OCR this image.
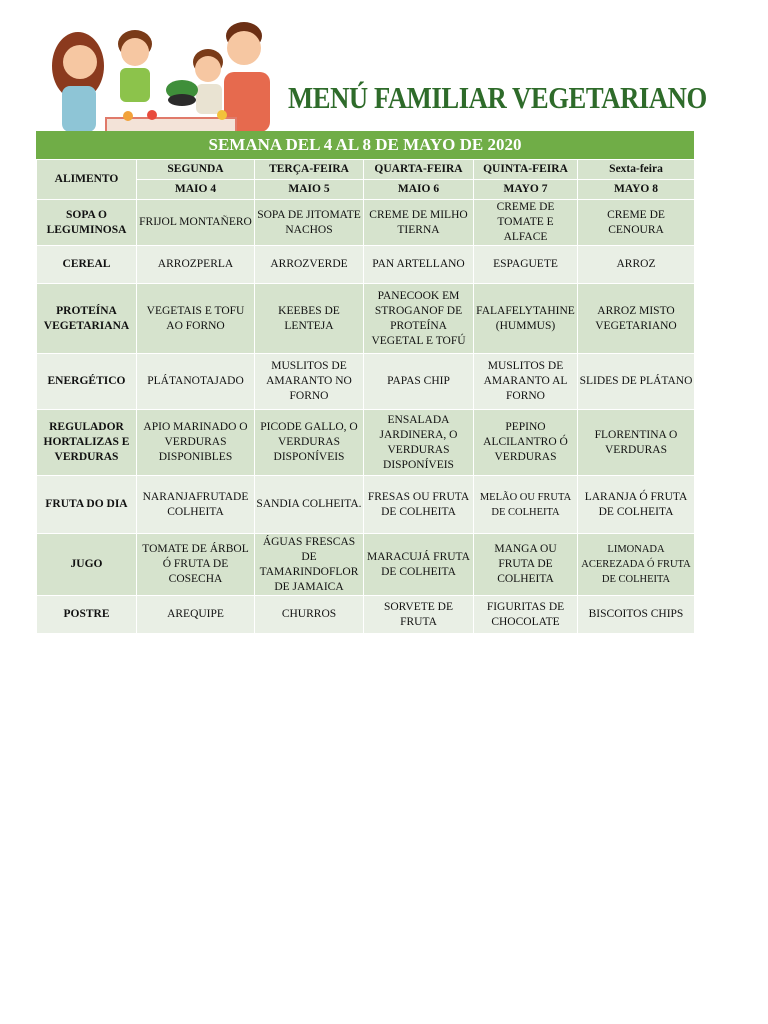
MENÚ FAMILIAR VEGETARIANO
SEMANA DEL 4 AL 8 DE MAYO DE 2020
ALIMENTO	SEGUNDA	TERÇA-FEIRA	QUARTA-FEIRA	QUINTA-FEIRA	Sexta-feira
	MAIO 4	MAIO 5	MAIO 6	MAYO 7	MAYO 8
SOPA O LEGUMINOSA	FRIJOL MONTAÑERO	SOPA DE JITOMATE NACHOS	CREME DE MILHO TIERNA	CREME DE TOMATE E ALFACE	CREME DE CENOURA
CEREAL	ARROZPERLA	ARROZVERDE	PAN ARTELLANO	ESPAGUETE	ARROZ
PROTEÍNA VEGETARIANA	VEGETAIS E TOFU AO FORNO	KEEBES DE LENTEJA	PANECOOK EM STROGANOF DE PROTEÍNA VEGETAL E TOFÚ	FALAFELYTAHINE (HUMMUS)	ARROZ MISTO VEGETARIANO
ENERGÉTICO	PLÁTANOTAJADO	MUSLITOS DE AMARANTO NO FORNO	PAPAS CHIP	MUSLITOS DE AMARANTO AL FORNO	SLIDES DE PLÁTANO
REGULADOR HORTALIZAS E VERDURAS	APIO MARINADO O VERDURAS DISPONIBLES	PICODE GALLO, O VERDURAS DISPONÍVEIS	ENSALADA JARDINERA, O VERDURAS DISPONÍVEIS	PEPINO ALCILANTRO Ó VERDURAS	FLORENTINA O VERDURAS
FRUTA DO DIA	NARANJAFRUTADE COLHEITA	SANDIA COLHEITA.	FRESAS OU FRUTA DE COLHEITA	MELÃO OU FRUTA DE COLHEITA	LARANJA Ó FRUTA DE COLHEITA
JUGO	TOMATE DE ÁRBOL Ó FRUTA DE COSECHA	ÁGUAS FRESCAS DE TAMARINDOFLOR DE JAMAICA	MARACUJÁ FRUTA DE COLHEITA	MANGA OU FRUTA DE COLHEITA	LIMONADA ACEREZADA Ó FRUTA DE COLHEITA
POSTRE	AREQUIPE	CHURROS	SORVETE DE FRUTA	FIGURITAS DE CHOCOLATE	BISCOITOS CHIPS
